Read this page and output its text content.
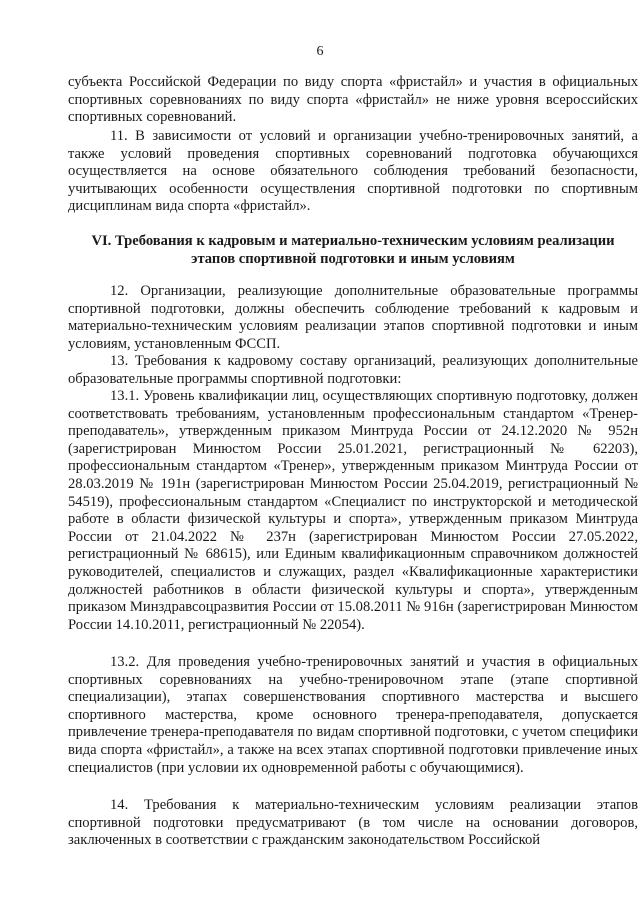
6

субъекта Российской Федерации по виду спорта «фристайл» и участия в официальных спортивных соревнованиях по виду спорта «фристайл» не ниже уровня всероссийских спортивных соревнований.

11. В зависимости от условий и организации учебно-тренировочных занятий, а также условий проведения спортивных соревнований подготовка обучающихся осуществляется на основе обязательного соблюдения требований безопасности, учитывающих особенности осуществления спортивной подготовки по спортивным дисциплинам вида спорта «фристайл».

VI. Требования к кадровым и материально-техническим условиям реализации этапов спортивной подготовки и иным условиям

12. Организации, реализующие дополнительные образовательные программы спортивной подготовки, должны обеспечить соблюдение требований к кадровым и материально-техническим условиям реализации этапов спортивной подготовки и иным условиям, установленным ФССП.

13. Требования к кадровому составу организаций, реализующих дополнительные образовательные программы спортивной подготовки:

13.1. Уровень квалификации лиц, осуществляющих спортивную подготовку, должен соответствовать требованиям, установленным профессиональным стандартом «Тренер-преподаватель», утвержденным приказом Минтруда России от 24.12.2020 № 952н (зарегистрирован Минюстом России 25.01.2021, регистрационный № 62203), профессиональным стандартом «Тренер», утвержденным приказом Минтруда России от 28.03.2019 № 191н (зарегистрирован Минюстом России 25.04.2019, регистрационный № 54519), профессиональным стандартом «Специалист по инструкторской и методической работе в области физической культуры и спорта», утвержденным приказом Минтруда России от 21.04.2022 № 237н (зарегистрирован Минюстом России 27.05.2022, регистрационный № 68615), или Единым квалификационным справочником должностей руководителей, специалистов и служащих, раздел «Квалификационные характеристики должностей работников в области физической культуры и спорта», утвержденным приказом Минздравсоцразвития России от 15.08.2011 № 916н (зарегистрирован Минюстом России 14.10.2011, регистрационный № 22054).

13.2. Для проведения учебно-тренировочных занятий и участия в официальных спортивных соревнованиях на учебно-тренировочном этапе (этапе спортивной специализации), этапах совершенствования спортивного мастерства и высшего спортивного мастерства, кроме основного тренера-преподавателя, допускается привлечение тренера-преподавателя по видам спортивной подготовки, с учетом специфики вида спорта «фристайл», а также на всех этапах спортивной подготовки привлечение иных специалистов (при условии их одновременной работы с обучающимися).

14. Требования к материально-техническим условиям реализации этапов спортивной подготовки предусматривают (в том числе на основании договоров, заключенных в соответствии с гражданским законодательством Российской
